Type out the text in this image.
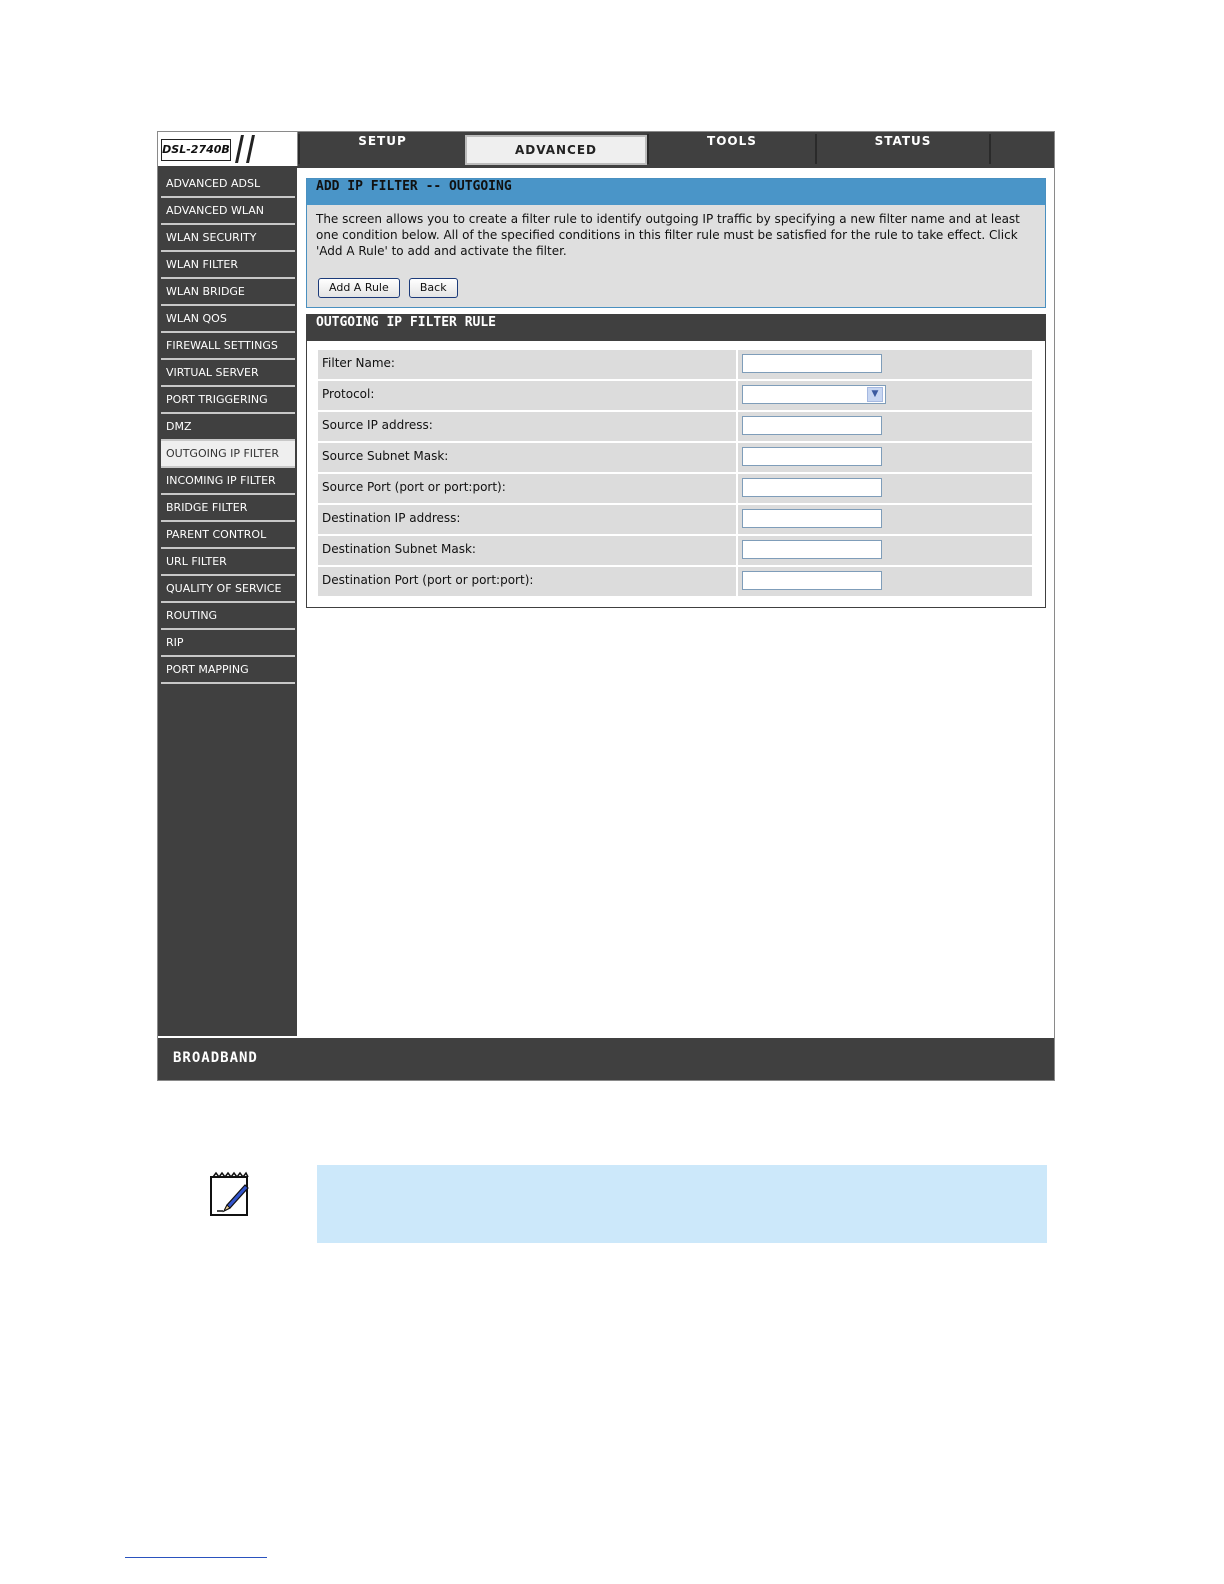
DSL-2740B
SETUP
ADVANCED
TOOLS	STATUS
ADVANCED ADSL
ADVANCED WLAN
WLAN SECURITY
WLAN FILTER
WLAN BRIDGE
WLAN QOS
FIREWALL SETTINGS
VIRTUAL SERVER
PORT TRIGGERING
DMZ
OUTGOING IP FILTER
INCOMING IP FILTER
BRIDGE FILTER
PARENT CONTROL
URL FILTER
QUALITY OF SERVICE
ROUTING
RIP
PORT MAPPING
ADD IP FILTER -- OUTGOING
The screen allows you to create a filter rule to identify outgoing IP traffic by specifying a new filter name and at least one condition below. All of the specified conditions in this filter rule must be satisfied for the rule to take effect. Click 'Add A Rule' to add and activate the filter.
Add A Rule	Back
OUTGOING IP FILTER RULE
Filter Name:
Protocol:	▼
Source IP address:
Source Subnet Mask:
Source Port (port or port:port):
Destination IP address:
Destination Subnet Mask:
Destination Port (port or port:port):
BROADBAND
